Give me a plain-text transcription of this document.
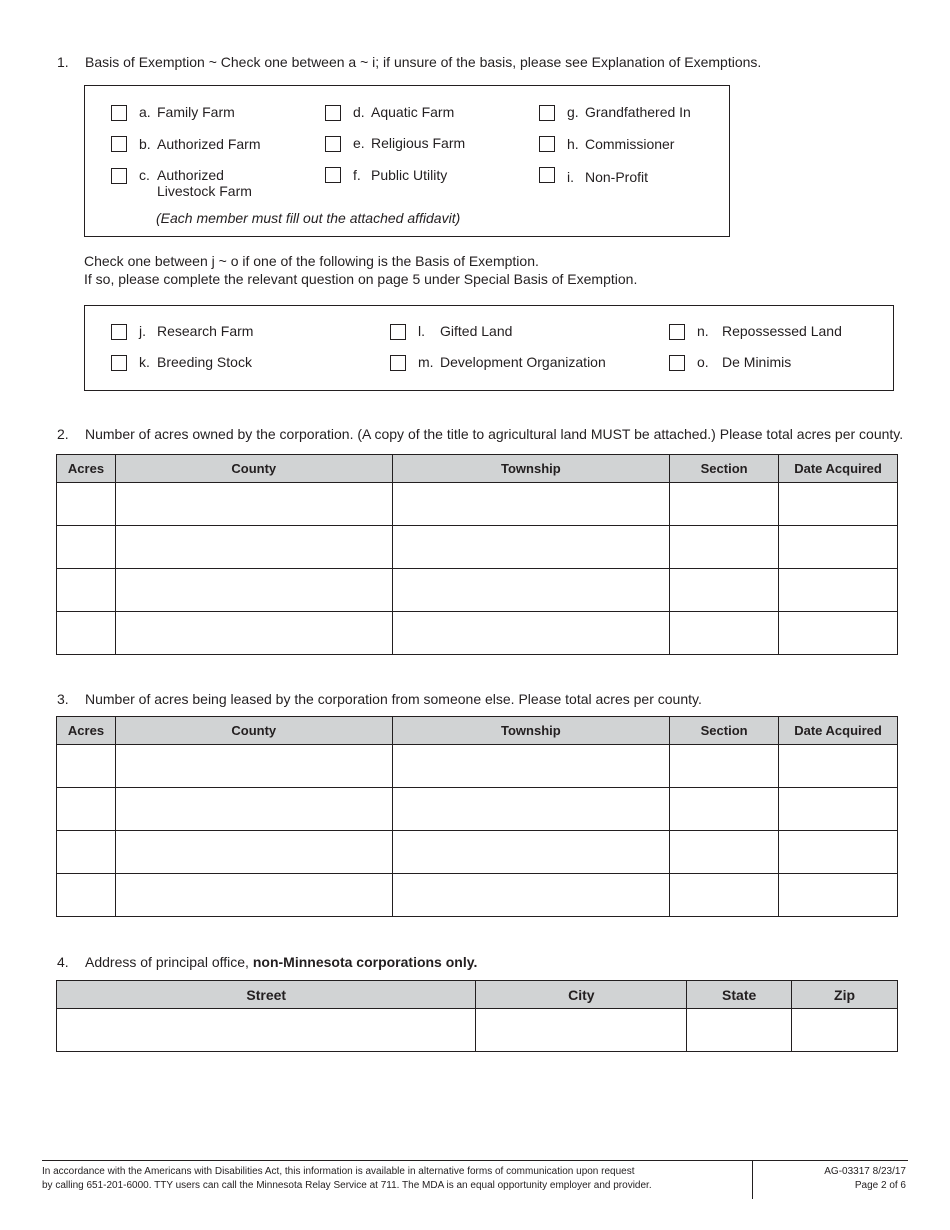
1. Basis of Exemption ~ Check one between a ~ i; if unsure of the basis, please see Explanation of Exemptions.
a. Family Farm
b. Authorized Farm
c. Authorized
Livestock Farm
d. Aquatic Farm
e. Religious Farm
f. Public Utility
g. Grandfathered In
h. Commissioner
i. Non-Profit
(Each member must fill out the attached affidavit)
Check one between j ~ o if one of the following is the Basis of Exemption.
If so, please complete the relevant question on page 5 under Special Basis of Exemption.
j. Research Farm
k. Breeding Stock
l. Gifted Land
m. Development Organization
n. Repossessed Land
o. De Minimis
2. Number of acres owned by the corporation. (A copy of the title to agricultural land MUST be attached.) Please total acres per county.
Acres	County	Township	Section	Date Acquired

3. Number of acres being leased by the corporation from someone else. Please total acres per county.
Acres	County	Township	Section	Date Acquired

4. Address of principal office, non-Minnesota corporations only.
Street	City	State	Zip

In accordance with the Americans with Disabilities Act, this information is available in alternative forms of communication upon request
by calling 651-201-6000. TTY users can call the Minnesota Relay Service at 711. The MDA is an equal opportunity employer and provider.
AG-03317 8/23/17
Page 2 of 6
